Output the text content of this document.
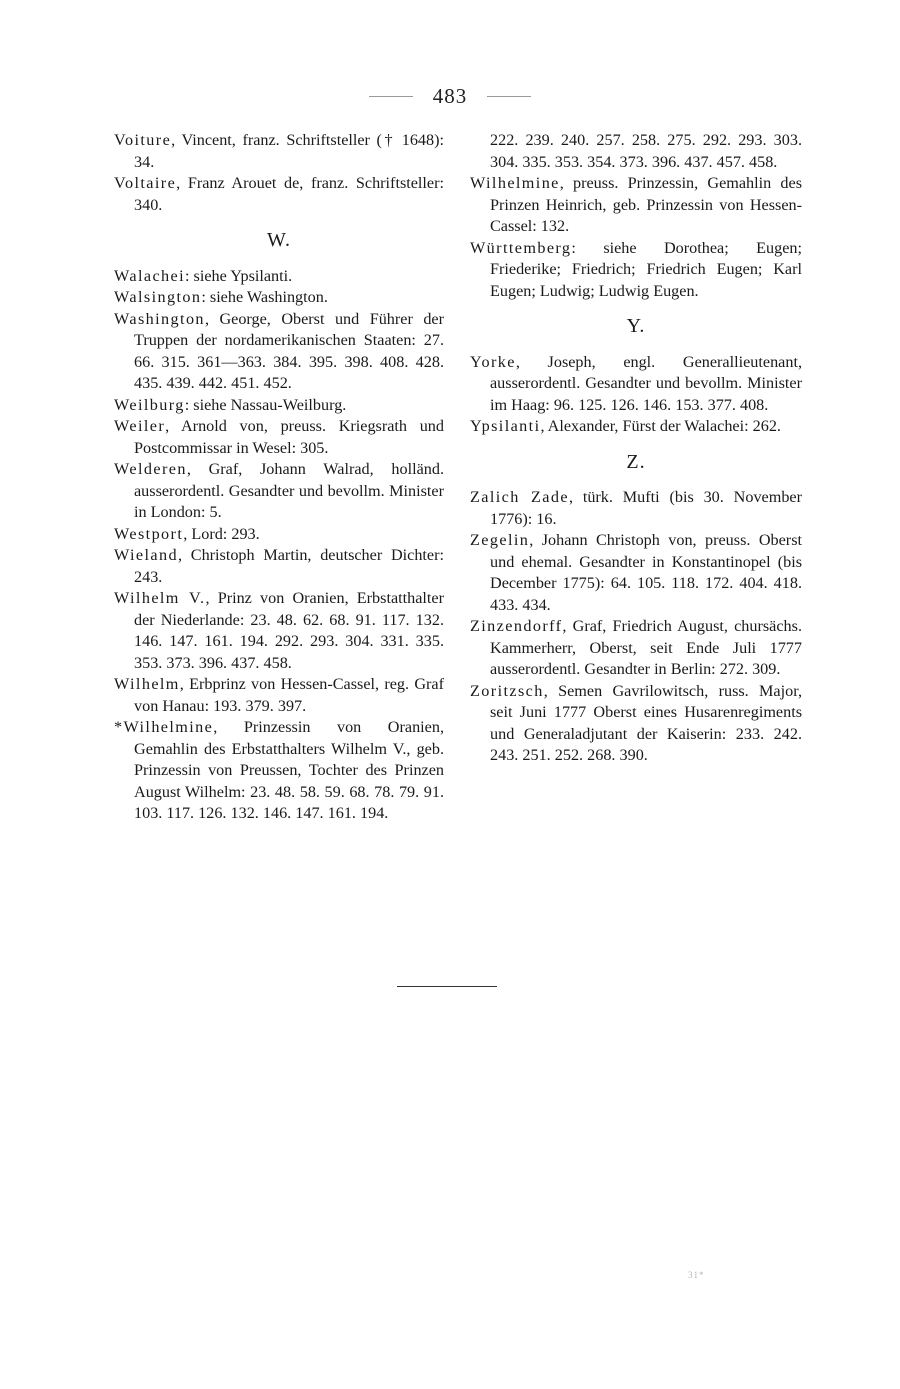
483

Voiture, Vincent, franz. Schriftsteller († 1648): 34.

Voltaire, Franz Arouet de, franz. Schriftsteller: 340.

W.

Walachei: siehe Ypsilanti.

Walsington: siehe Washington.

Washington, George, Oberst und Führer der Truppen der nordamerikanischen Staaten: 27. 66. 315. 361—363. 384. 395. 398. 408. 428. 435. 439. 442. 451. 452.

Weilburg: siehe Nassau-Weilburg.

Weiler, Arnold von, preuss. Kriegsrath und Postcommissar in Wesel: 305.

Welderen, Graf, Johann Walrad, holländ. ausserordentl. Gesandter und bevollm. Minister in London: 5.

Westport, Lord: 293.

Wieland, Christoph Martin, deutscher Dichter: 243.

Wilhelm V., Prinz von Oranien, Erbstatthalter der Niederlande: 23. 48. 62. 68. 91. 117. 132. 146. 147. 161. 194. 292. 293. 304. 331. 335. 353. 373. 396. 437. 458.

Wilhelm, Erbprinz von Hessen-Cassel, reg. Graf von Hanau: 193. 379. 397.

*Wilhelmine, Prinzessin von Oranien, Gemahlin des Erbstatthalters Wilhelm V., geb. Prinzessin von Preussen, Tochter des Prinzen August Wilhelm: 23. 48. 58. 59. 68. 78. 79. 91. 103. 117. 126. 132. 146. 147. 161. 194.

222. 239. 240. 257. 258. 275. 292. 293. 303. 304. 335. 353. 354. 373. 396. 437. 457. 458.

Wilhelmine, preuss. Prinzessin, Gemahlin des Prinzen Heinrich, geb. Prinzessin von Hessen-Cassel: 132.

Württemberg: siehe Dorothea; Eugen; Friederike; Friedrich; Friedrich Eugen; Karl Eugen; Ludwig; Ludwig Eugen.

Y.

Yorke, Joseph, engl. Generallieutenant, ausserordentl. Gesandter und bevollm. Minister im Haag: 96. 125. 126. 146. 153. 377. 408.

Ypsilanti, Alexander, Fürst der Walachei: 262.

Z.

Zalich Zade, türk. Mufti (bis 30. November 1776): 16.

Zegelin, Johann Christoph von, preuss. Oberst und ehemal. Gesandter in Konstantinopel (bis December 1775): 64. 105. 118. 172. 404. 418. 433. 434.

Zinzendorff, Graf, Friedrich August, chursächs. Kammerherr, Oberst, seit Ende Juli 1777 ausserordentl. Gesandter in Berlin: 272. 309.

Zoritzsch, Semen Gavrilowitsch, russ. Major, seit Juni 1777 Oberst eines Husarenregiments und Generaladjutant der Kaiserin: 233. 242. 243. 251. 252. 268. 390.

31*
